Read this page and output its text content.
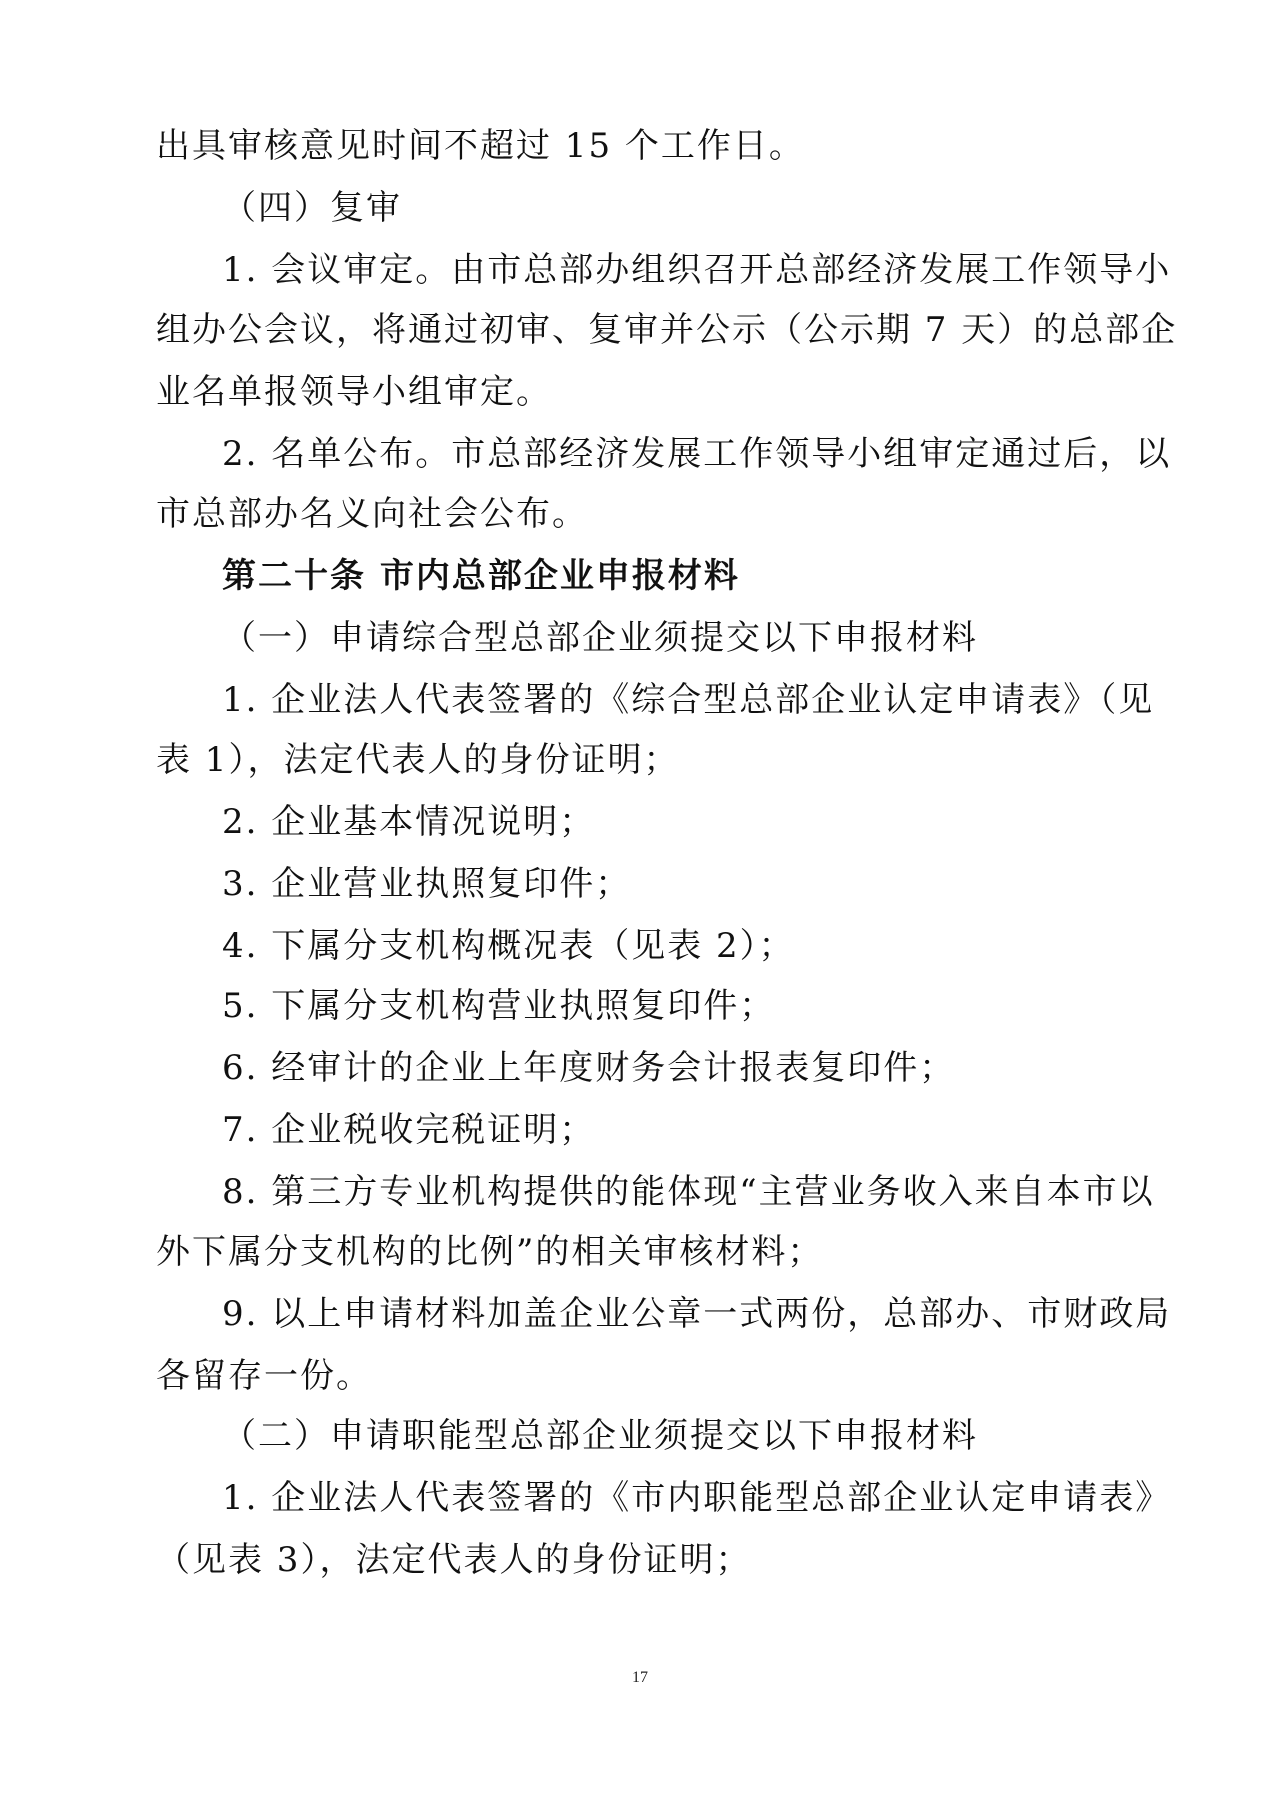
出具审核意见时间不超过 15 个工作日。
（四）复审
1. 会议审定。由市总部办组织召开总部经济发展工作领导小
组办公会议，将通过初审、复审并公示（公示期 7 天）的总部企
业名单报领导小组审定。
2. 名单公布。市总部经济发展工作领导小组审定通过后，以
市总部办名义向社会公布。
第二十条 市内总部企业申报材料
（一）申请综合型总部企业须提交以下申报材料
1. 企业法人代表签署的《综合型总部企业认定申请表》（见
表 1），法定代表人的身份证明；
2. 企业基本情况说明；
3. 企业营业执照复印件；
4. 下属分支机构概况表（见表 2）；
5. 下属分支机构营业执照复印件；
6. 经审计的企业上年度财务会计报表复印件；
7. 企业税收完税证明；
8. 第三方专业机构提供的能体现“主营业务收入来自本市以
外下属分支机构的比例”的相关审核材料；
9. 以上申请材料加盖企业公章一式两份，总部办、市财政局
各留存一份。
（二）申请职能型总部企业须提交以下申报材料
1. 企业法人代表签署的《市内职能型总部企业认定申请表》
（见表 3），法定代表人的身份证明；
17
